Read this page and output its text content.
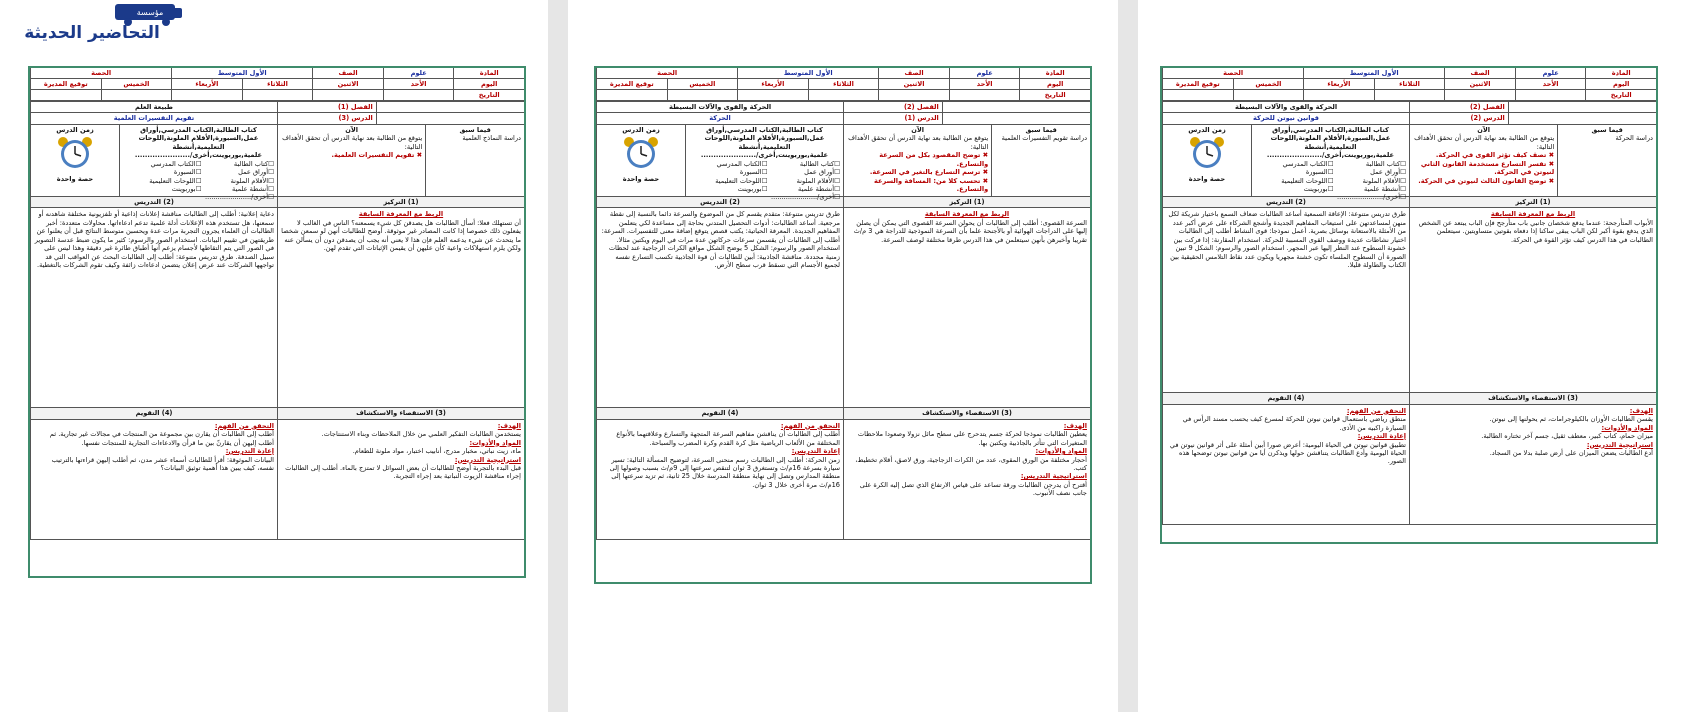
مؤسسة
التحاضير الحديثة
المادة
علوم
الصف
الأول المتوسط
الحصة
اليوم
الأحد
الاثنين
الثلاثاء
الأربعاء
الخميس
توقيع المديرة
التاريخ
الفصل (1)
طبيعة العلم
الدرس (3)
تقويم التفسيرات العلمية
قيما سبق
دراسة النماذج العلمية
الآن
يتوقع من الطالبة بعد نهاية الدرس أن تحقق الأهداف التالية:
✖ تقويم التفسيرات العلمية.
كتاب الطالبة,الكتاب المدرسي,أوراق عمل,السبورة,الأقلام الملونة,اللوحات التعليمية,أنشطة علمية,بوربوينت,أخرى/......................
☐كتاب الطالبة☐الكتاب المدرسي☐أوراق عمل☐السبورة☐الأقلام الملونة☐اللوحات التعليمية☐أنشطة علمية☐بوربوينت☐أخرى/......................
زمن الدرس
حصة واحدة
(1) التركيز
(2) التدريس
الربط مع المعرفة السابقة
أن تستهلك فعلا: أسأل الطالبات هل يصدقن كل شيء يسمعنه؟ الناس في الغالب لا يفعلون ذلك خصوصا إذا كانت المصادر غير موثوقة. أوضح للطالبات أنهن لو سمعن شخصا ما يتحدث عن شيء يدعمه العلم فإن هذا لا يعني أنه يجب أن يصدقن دون أن يسألن عنه ولكن يلزم استهلاكات واعية كأن عليهن أن يقيمن الإثباتات التي تقدم لهن.
دعاية إعلانية: أطلب إلى الطالبات مناقشة إعلانات إذاعية أو تلفزيونية مختلفة شاهدنه أو سمعنها، هل تستخدم هذه الإعلانات أدلة علمية تدعم ادعاءاتها. محاولات متعددة: أخبر الطالبات أن العلماء يجرون التجربة مرات عدة ويحسبن متوسط النتائج قبل أن يعلنوا عن طريقتهن في تقييم البيانات. استخدام الصور والرسوم: كثير ما يكون ضبط عدسة التصوير في الصور التي يتم التقاطها لأجسام يزعم أنها أطباق طائرة غير دقيقة وهذا ليس على سبيل الصدفة. طرق تدريس متنوعة: أطلب إلى الطالبات البحث عن العواقب التي قد تواجهها الشركات عند عرض إعلان يتضمن ادعاءات زائفة وكيف تقوم الشركات بالتغطية.
(3) الاستقصاء والاستكشاف
(4) التقويم
الهدف:
يستخدمن الطالبات التفكير العلمي من خلال الملاحظات وبناء الاستنتاجات.
المواد والأدوات:
ماء، زيت نباتي، مخبار مدرج، أنابيب اختبار، مواد ملونة للطعام.
استراتيجية التدريس:
قبل البدء بالتجربة أوضح للطالبات أن بعض السوائل لا تمتزج بالماء. أطلب إلى الطالبات إجراء مناقشة الزيوت النباتية بعد إجراء التجربة.
التحقق من الفهم:
أطلب إلى الطالبات أن يقارن بين مجموعة من المنتجات في مجالات غير تجارية. ثم أطلب إليهن أن يقارنّ بين ما قرأن والادعاءات التجارية للمنتجات نفسها.
إعادة التدريس:
البيانات الموثوقة: أقرأ للطالبات أسماء عشر مدن، ثم أطلب إليهن قراءتها بالترتيب نفسه، كيف يبين هذا أهمية توثيق البيانات؟
المادة
علوم
الصف
الأول المتوسط
الحصة
اليوم
الأحد
الاثنين
الثلاثاء
الأربعاء
الخميس
توقيع المديرة
التاريخ
الفصل (2)
الحركة والقوى والآلات البسيطة
الدرس (1)
الحركة
قيما سبق
دراسة تقويم التفسيرات العلمية
الآن
يتوقع من الطالبة بعد نهاية الدرس أن تحقق الأهداف التالية:
✖ توضح المقصود بكل من السرعة والتسارع.
✖ ترسم التسارع بالتغير في السرعة.
✖ تحسب كلا من: المسافة والسرعة والتسارع.
كتاب الطالبة,الكتاب المدرسي,أوراق عمل,السبورة,الأقلام الملونة,اللوحات التعليمية,أنشطة علمية,بوربوينت,أخرى/......................
☐كتاب الطالبة☐الكتاب المدرسي☐أوراق عمل☐السبورة☐الأقلام الملونة☐اللوحات التعليمية☐أنشطة علمية☐بوربوينت☐أخرى/......................
زمن الدرس
حصة واحدة
(1) التركيز
(2) التدريس
الربط مع المعرفة السابقة
السرعة القصوى: أطلب إلى الطالبات أن يحولن السرعة القصوى التي يمكن أن يصلن إليها على الدراجات الهوائية أو بالأجنحة علما بأن السرعة النموذجية للدراجة هي 3 م/ث تقريبا وأخبرهن بأنهن سيتعلمن في هذا الدرس طرقا مختلفة لوصف السرعة.
طرق تدريس متنوعة: متقدم يقسم كل من الموضوع والسرعة دائما بالنسبة إلى نقطة مرجعية. أساعد الطالبات: أدوات التحصيل المتدني بحاجة إلى مساعدة لكي يتعلمن المفاهيم الجديدة. المعرفة الحياتية: يكتب قصص يتوقع إضافة معنى للتفسيرات. السرعة: أطلب إلى الطالبات أن يقسمن سرعات حركاتهن عدة مرات في اليوم ويكتبن مثالا. استخدام الصور والرسوم: الشكل 5 يوضح الشكل مواقع الكرات الزجاجية عند لحظات زمنية محددة. مناقشة الجاذبية: أبين للطالبات أن قوة الجاذبية تكسب التسارع نفسه لجميع الأجسام التي تسقط قرب سطح الأرض.
(3) الاستقصاء والاستكشاف
(4) التقويم
الهدف:
يعطين الطالبات نموذجا لحركة جسم يتدحرج على سطح مائل نزولا وصعودا ملاحظات المتغيرات التي تتأثر بالجاذبية ويكتبن بها.
المواد والأدوات:
أحجار مختلفة من الورق المقوى، عدد من الكرات الزجاجية، ورق لاصق، أقلام تخطيط، كتب.
استراتيجية التدريس:
أقترح أن يدرجن الطالبات ورقة تساعد على قياس الارتفاع الذي تصل إليه الكرة على جانب نصف الأنبوب.
التحقق من الفهم:
أطلب إلى الطالبات أن يناقشن مفاهيم السرعة المتجهة والتسارع وعلاقتهما بالأنواع المختلفة من الألعاب الرياضية مثل كرة القدم وكرة المضرب والسباحة.
إعادة التدريس:
زمن الحركة: أطلب إلى الطالبات رسم منحنى السرعة، لتوضيح المسألة التالية: تسير سيارة بسرعة 16م/ث وتستغرق 3 ثوان لتنقص سرعتها إلى 9م/ث بسبب وصولها إلى منطقة المدارس وتصل إلى نهاية منطقة المدرسة خلال 25 ثانية، ثم تزيد سرعتها إلى 16م/ث مرة أخرى خلال 3 ثوان.
المادة
علوم
الصف
الأول المتوسط
الحصة
اليوم
الأحد
الاثنين
الثلاثاء
الأربعاء
الخميس
توقيع المديرة
التاريخ
الفصل (2)
الحركة والقوى والآلات البسيطة
الدرس (2)
قوانين نيوتن للحركة
قيما سبق
دراسة الحركة
الآن
يتوقع من الطالبة بعد نهاية الدرس أن تحقق الأهداف التالية:
✖ تصف كيف تؤثر القوى في الحركة.
✖ تفسر التسارع مستخدمة القانون الثاني لنيوتن في الحركة.
✖ توضح القانون الثالث لنيوتن في الحركة.
كتاب الطالبة,الكتاب المدرسي,أوراق عمل,السبورة,الأقلام الملونة,اللوحات التعليمية,أنشطة علمية,بوربوينت,أخرى/......................
☐كتاب الطالبة☐الكتاب المدرسي☐أوراق عمل☐السبورة☐الأقلام الملونة☐اللوحات التعليمية☐أنشطة علمية☐بوربوينت☐أخرى/......................
زمن الدرس
حصة واحدة
(1) التركيز
(2) التدريس
الربط مع المعرفة السابقة
الأبواب المتأرجحة: عندما يدفع شخصان جانبي باب متأرجح فإن الباب يبتعد عن الشخص الذي يدفع بقوة أكبر لكن الباب يبقى ساكنا إذا دفعاه بقوتين متساويتين. سيتعلمن الطالبات في هذا الدرس كيف تؤثر القوة في الحركة.
طرق تدريس متنوعة: الإعاقة السمعية أساعد الطالبات ضعاف السمع باختيار شريكة لكل منهن لمساعدتهن على استيعاب المفاهيم الجديدة وأشجع الشركاء على عرض أكبر عدد من الأمثلة بالاستعانة بوسائل بصرية. أعمل نموذجا: قوى النشاط أطلب إلى الطالبات اختيار نشاطات عديدة ووصف القوى المسببة للحركة. استخدام المقارنة: إذا فركت بين خشونة السطوح عند النظر إليها عبر المجهر. استخدام الصور والرسوم: الشكل 9 تبين الصورة أن السطوح الملساء تكون خشنة مجهريا ويكون عدد نقاط التلامس الحقيقية بين الكتاب والطاولة قليلا.
(3) الاستقصاء والاستكشاف
(4) التقويم
الهدف:
يقسن الطالبات الأوزان بالكيلوجرامات، ثم يحولنها إلى نيوتن.
المواد والأدوات:
ميزان حمام، كتاب كبير، معطف ثقيل، جسم آخر تختاره الطالبة.
استراتيجية التدريس:
أدع الطالبات يضعن الميزان على أرض صلبة بدلا من السجاد.
التحقق من الفهم:
منطق رياضي باستعمال قوانين نيوتن للحركة لمسرع كيف يحسب مسند الرأس في السيارة راكبيه من الأذى.
إعادة التدريس:
تطبيق قوانين نيوتن في الحياة اليومية: أعرض صورا أبين أمثلة على أثر قوانين نيوتن في الحياة اليومية وأدع الطالبات يتناقشن حولها ويذكرن أيا من قوانين نيوتن توضحها هذه الصور.
